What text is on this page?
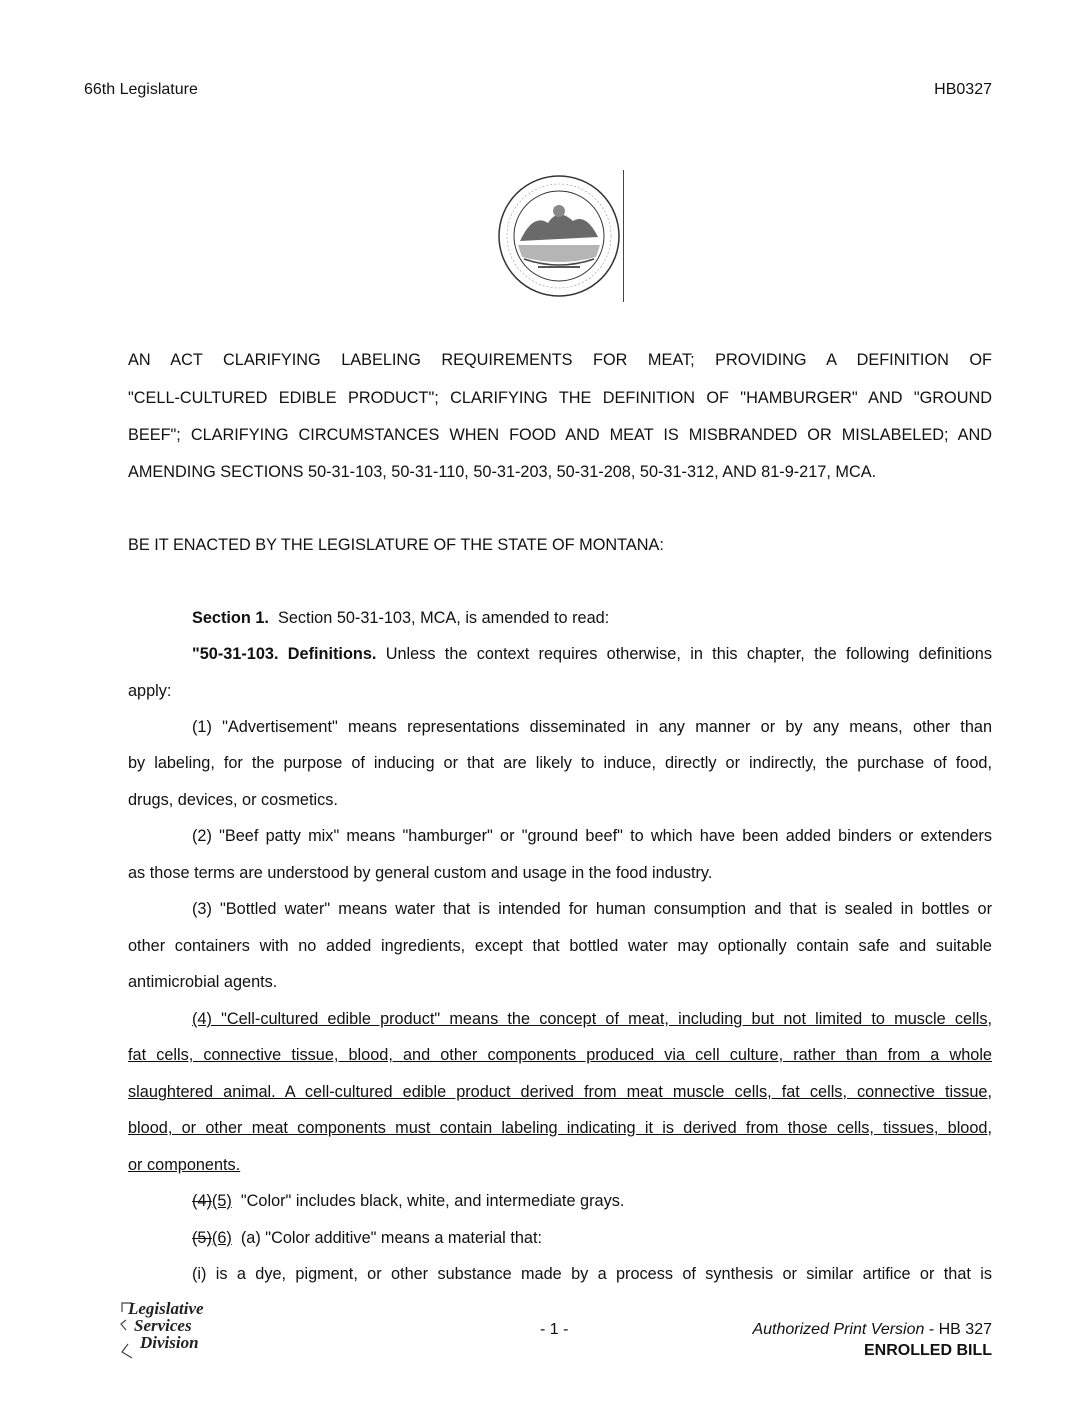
66th Legislature	HB0327
AN ACT CLARIFYING LABELING REQUIREMENTS FOR MEAT; PROVIDING A DEFINITION OF
"CELL-CULTURED EDIBLE PRODUCT"; CLARIFYING THE DEFINITION OF "HAMBURGER" AND "GROUND
BEEF"; CLARIFYING CIRCUMSTANCES WHEN FOOD AND MEAT IS MISBRANDED OR MISLABELED; AND
AMENDING SECTIONS 50-31-103, 50-31-110, 50-31-203, 50-31-208, 50-31-312, AND 81-9-217, MCA.
BE IT ENACTED BY THE LEGISLATURE OF THE STATE OF MONTANA:
Section 1. Section 50-31-103, MCA, is amended to read:
"50-31-103. Definitions. Unless the context requires otherwise, in this chapter, the following definitions
apply:
(1) "Advertisement" means representations disseminated in any manner or by any means, other than
by labeling, for the purpose of inducing or that are likely to induce, directly or indirectly, the purchase of food,
drugs, devices, or cosmetics.
(2) "Beef patty mix" means "hamburger" or "ground beef" to which have been added binders or extenders
as those terms are understood by general custom and usage in the food industry.
(3) "Bottled water" means water that is intended for human consumption and that is sealed in bottles or
other containers with no added ingredients, except that bottled water may optionally contain safe and suitable
antimicrobial agents.
(4) "Cell-cultured edible product" means the concept of meat, including but not limited to muscle cells,
fat cells, connective tissue, blood, and other components produced via cell culture, rather than from a whole
slaughtered animal. A cell-cultured edible product derived from meat muscle cells, fat cells, connective tissue,
blood, or other meat components must contain labeling indicating it is derived from those cells, tissues, blood,
or components.
(4)(5) "Color" includes black, white, and intermediate grays.
(5)(6) (a) "Color additive" means a material that:
(i) is a dye, pigment, or other substance made by a process of synthesis or similar artifice or that is
Legislative
Services
Division
- 1 -	Authorized Print Version - HB 327
ENROLLED BILL
